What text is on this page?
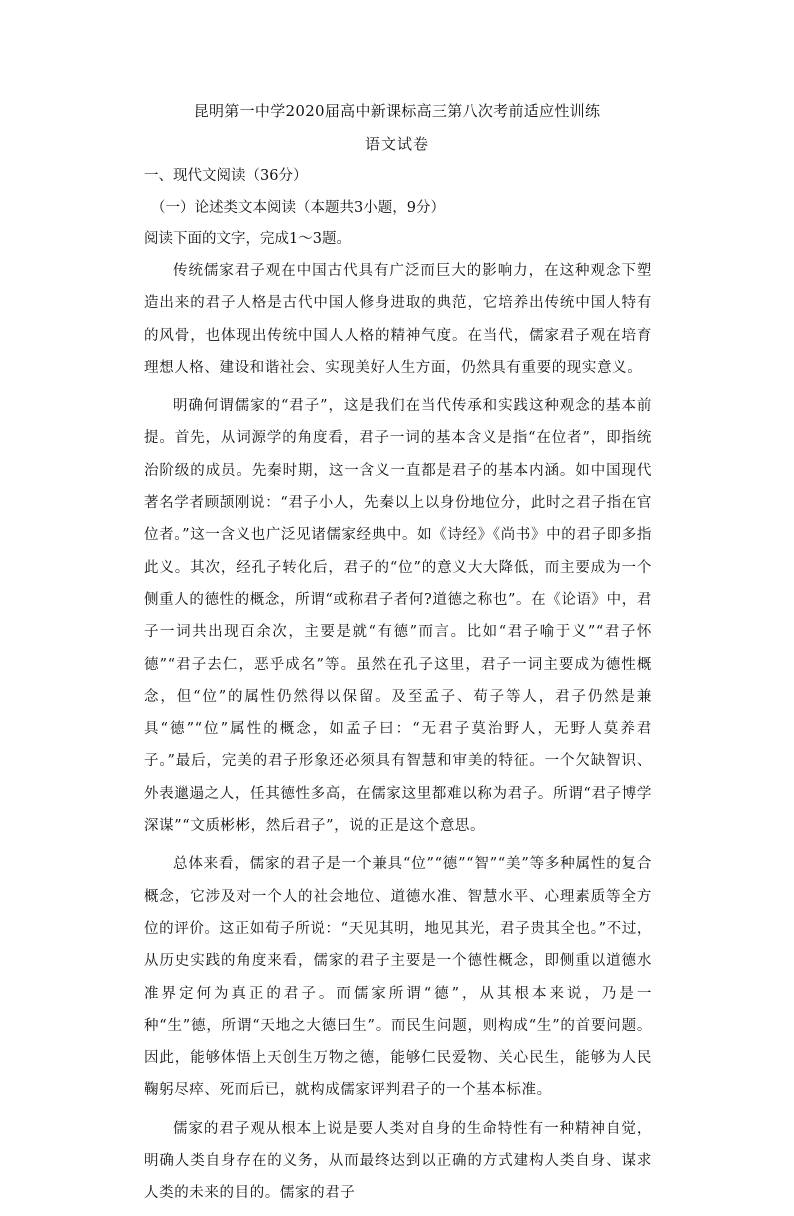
昆明第一中学2020届高中新课标高三第八次考前适应性训练
语文试卷
一、现代文阅读（36分）
（一）论述类文本阅读（本题共3小题，9分）
阅读下面的文字，完成1～3题。

传统儒家君子观在中国古代具有广泛而巨大的影响力，在这种观念下塑造出来的君子人格是古代中国人修身进取的典范，它培养出传统中国人特有的风骨，也体现出传统中国人人格的精神气度。在当代，儒家君子观在培育理想人格、建设和谐社会、实现美好人生方面，仍然具有重要的现实意义。

明确何谓儒家的“君子”，这是我们在当代传承和实践这种观念的基本前提。首先，从词源学的角度看，君子一词的基本含义是指“在位者”，即指统治阶级的成员。先秦时期，这一含义一直都是君子的基本内涵。如中国现代著名学者顾颉刚说：“君子小人，先秦以上以身份地位分，此时之君子指在官位者。”这一含义也广泛见诸儒家经典中。如《诗经》《尚书》中的君子即多指此义。其次，经孔子转化后，君子的“位”的意义大大降低，而主要成为一个侧重人的德性的概念，所谓“或称君子者何?道德之称也”。在《论语》中，君子一词共出现百余次，主要是就“有德”而言。比如“君子喻于义”“君子怀德”“君子去仁，恶乎成名”等。虽然在孔子这里，君子一词主要成为德性概念，但“位”的属性仍然得以保留。及至孟子、荀子等人，君子仍然是兼具“德”“位”属性的概念，如孟子曰：“无君子莫治野人，无野人莫养君子。”最后，完美的君子形象还必须具有智慧和审美的特征。一个欠缺智识、外表邋遢之人，任其德性多高，在儒家这里都难以称为君子。所谓“君子博学深谋”“文质彬彬，然后君子”，说的正是这个意思。

总体来看，儒家的君子是一个兼具“位”“德”“智”“美”等多种属性的复合概念，它涉及对一个人的社会地位、道德水准、智慧水平、心理素质等全方位的评价。这正如荀子所说：“天见其明，地见其光，君子贵其全也。”不过，从历史实践的角度来看，儒家的君子主要是一个德性概念，即侧重以道德水准界定何为真正的君子。而儒家所谓“德”，从其根本来说，乃是一种“生”德，所谓“天地之大德曰生”。而民生问题，则构成“生”的首要问题。因此，能够体悟上天创生万物之德，能够仁民爱物、关心民生，能够为人民鞠躬尽瘁、死而后已，就构成儒家评判君子的一个基本标准。

儒家的君子观从根本上说是要人类对自身的生命特性有一种精神自觉，明确人类自身存在的义务，从而最终达到以正确的方式建构人类自身、谋求人类的未来的目的。儒家的君子
